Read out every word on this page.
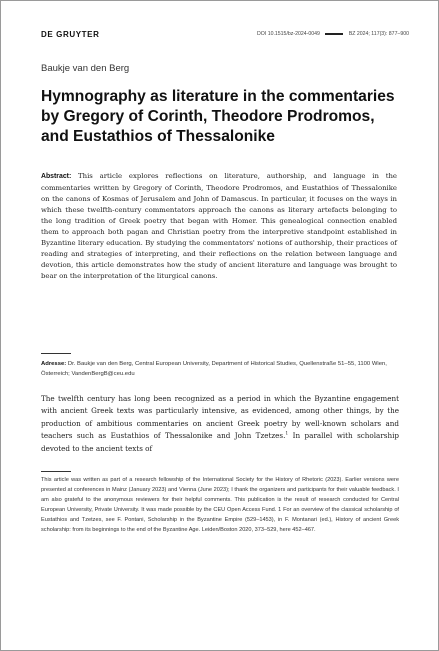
DE GRUYTER	DOI 10.1515/bz-2024-0049	BZ 2024; 117(3): 877–900
Baukje van den Berg
Hymnography as literature in the commentaries by Gregory of Corinth, Theodore Prodromos, and Eustathios of Thessalonike

Abstract: This article explores reflections on literature, authorship, and language in the commentaries written by Gregory of Corinth, Theodore Prodromos, and Eustathios of Thessalonike on the canons of Kosmas of Jerusalem and John of Damascus. In particular, it focuses on the ways in which these twelfth-century commentators approach the canons as literary artefacts belonging to the long tradition of Greek poetry that began with Homer. This genealogical connection enabled them to approach both pagan and Christian poetry from the interpretive standpoint established in Byzantine literary education. By studying the commentators' notions of authorship, their practices of reading and strategies of interpreting, and their reflections on the relation between language and devotion, this article demonstrates how the study of ancient literature and language was brought to bear on the interpretation of the liturgical canons.

Adresse: Dr. Baukje van den Berg, Central European University, Department of Historical Studies, Quellenstraße 51–55, 1100 Wien, Österreich; VandenBergB@ceu.edu

The twelfth century has long been recognized as a period in which the Byzantine engagement with ancient Greek texts was particularly intensive, as evidenced, among other things, by the production of ambitious commentaries on ancient Greek poetry by well-known scholars and teachers such as Eustathios of Thessalonike and John Tzetzes.$^1$ In parallel with scholarship devoted to the ancient texts of

This article was written as part of a research fellowship of the International Society for the History of Rhetoric (2023). Earlier versions were presented at conferences in Mainz (January 2023) and Vienna (June 2023); I thank the organizers and participants for their valuable feedback. I am also grateful to the anonymous reviewers for their helpful comments. This publication is the result of research conducted for Central European University, Private University. It was made possible by the CEU Open Access Fund. 1 For an overview of the classical scholarship of Eustathios and Tzetzes, see F. Pontani, Scholarship in the Byzantine Empire (529–1453), in F. Montanari (ed.), History of ancient Greek scholarship: from its beginnings to the end of the Byzantine Age. Leiden/Boston 2020, 373–529, here 452–467.
